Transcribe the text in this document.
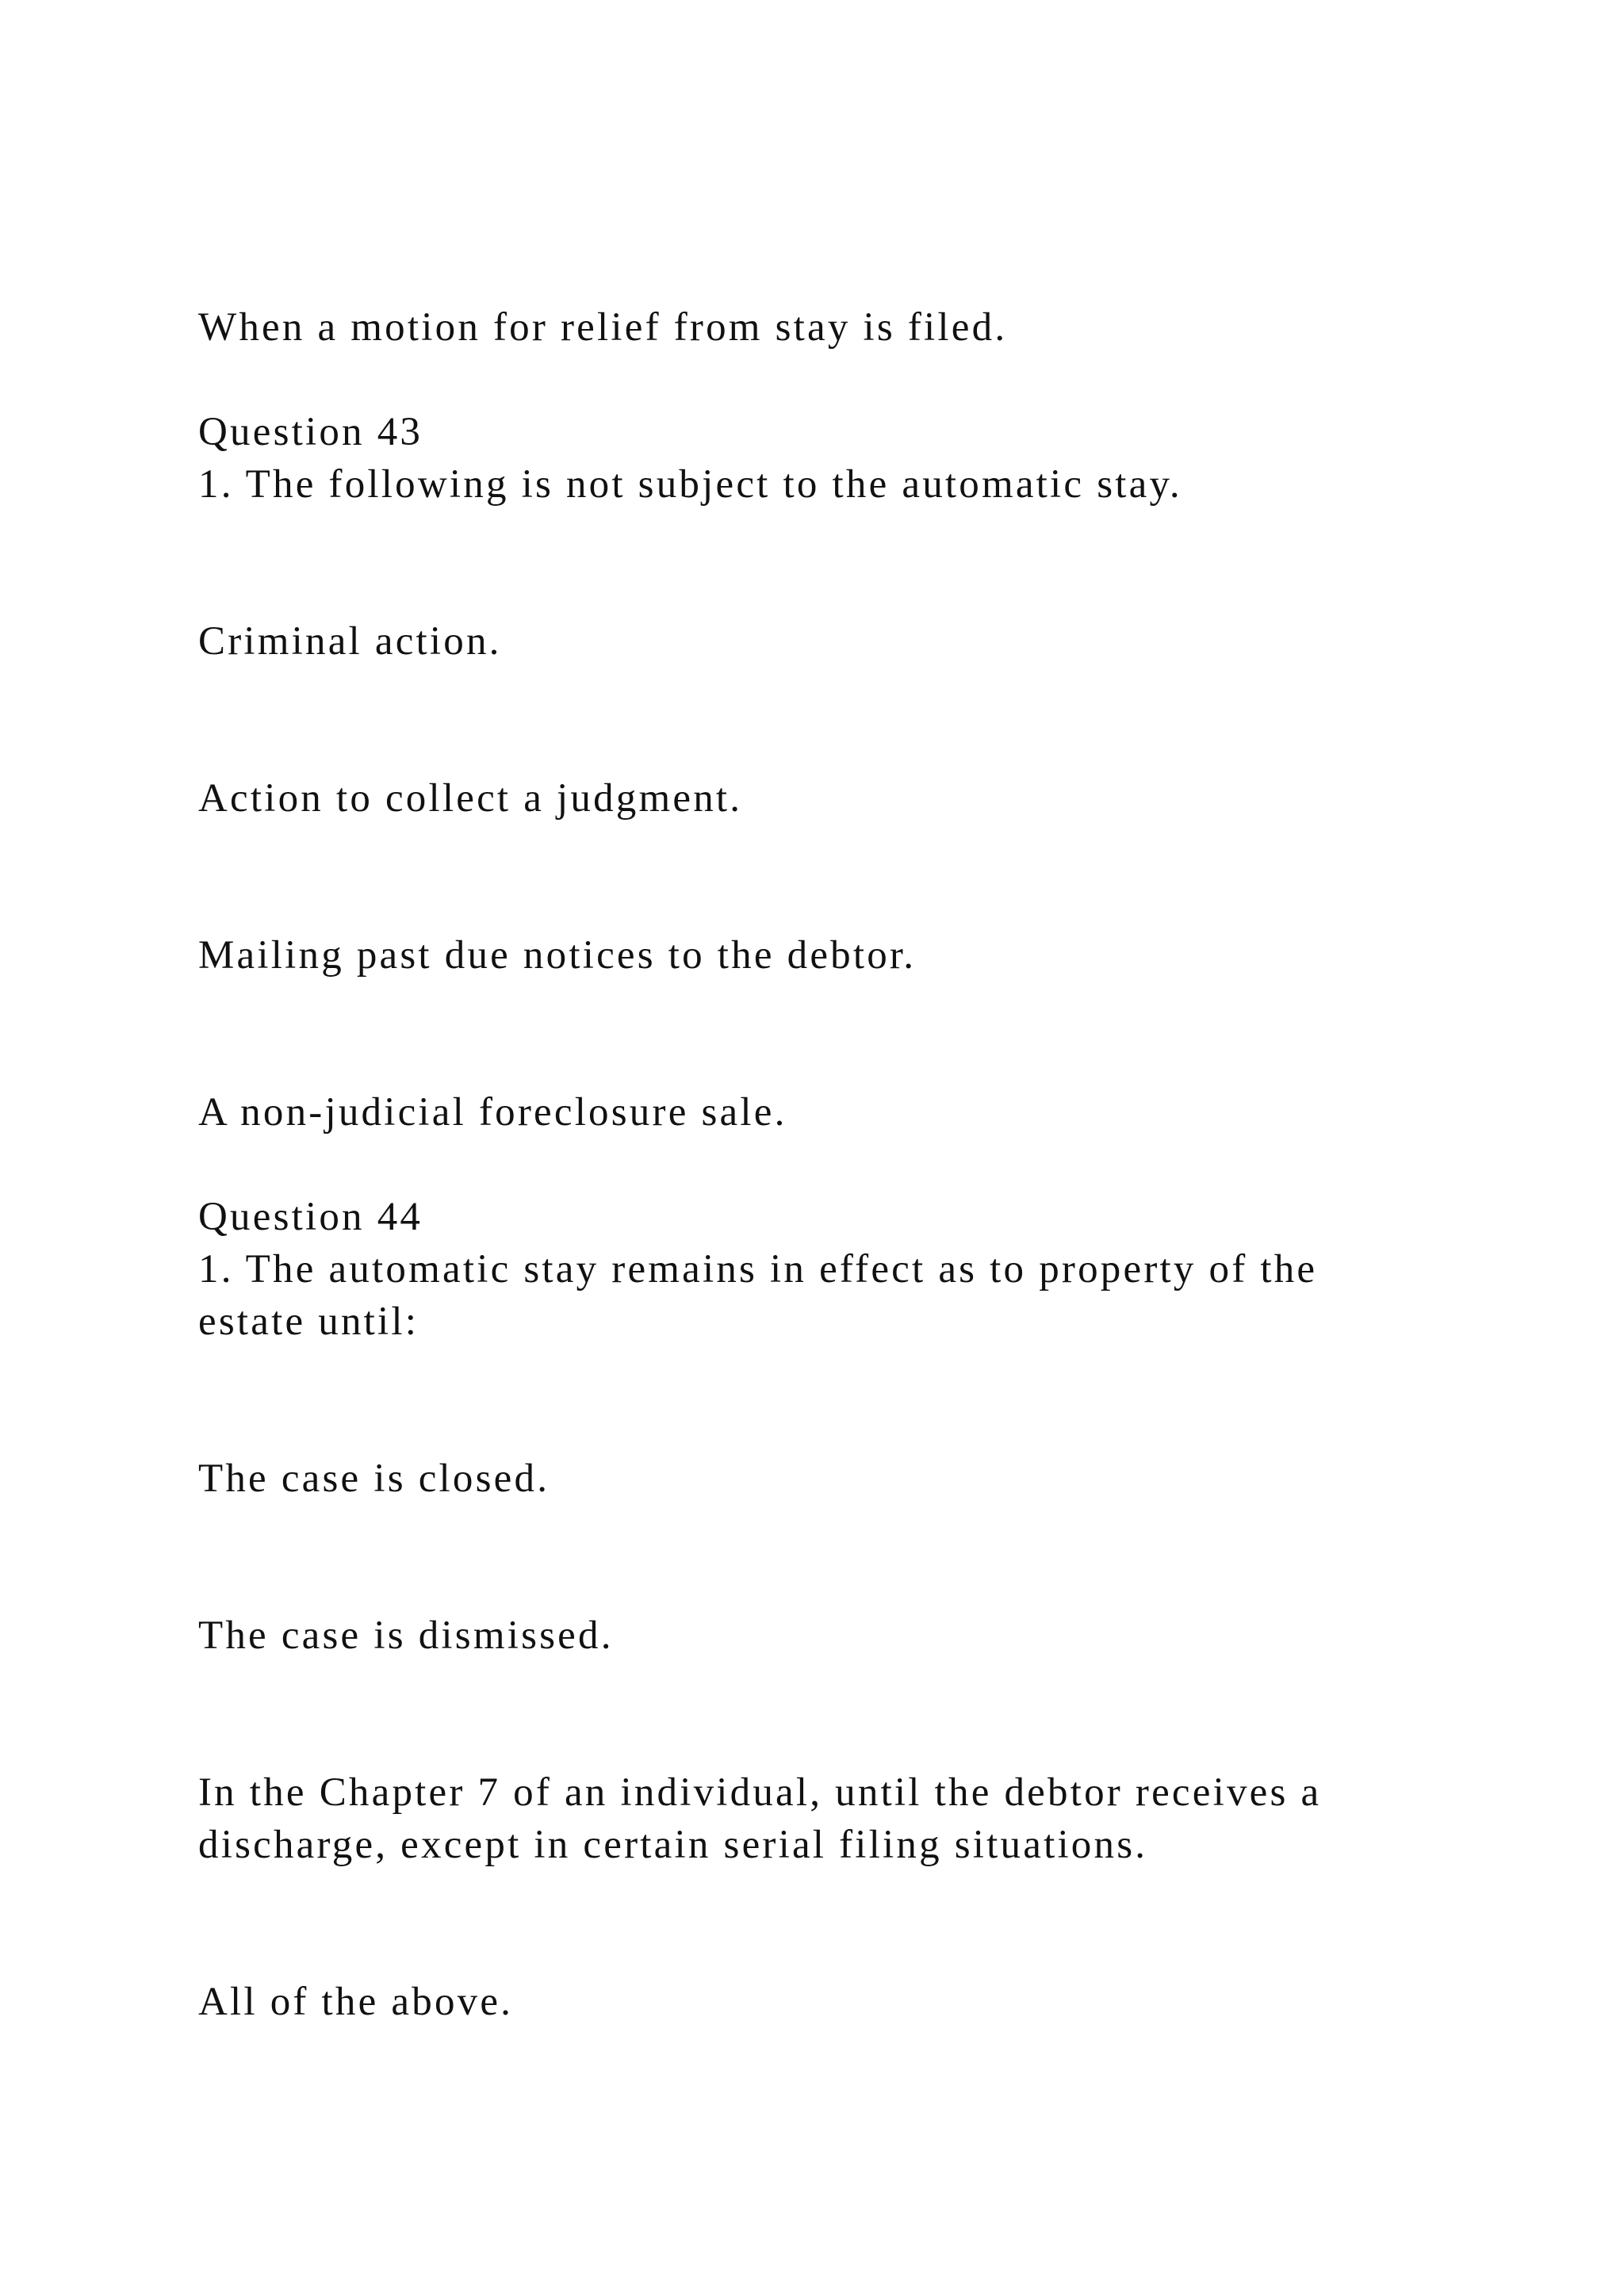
When a motion for relief from stay is filed.

Question 43

1. The following is not subject to the automatic stay.

Criminal action.

Action to collect a judgment.

Mailing past due notices to the debtor.

A non-judicial foreclosure sale.

Question 44

1. The automatic stay remains in effect as to property of the

estate until:

The case is closed.

The case is dismissed.

In the Chapter 7 of an individual, until the debtor receives a

discharge, except in certain serial filing situations.

All of the above.
